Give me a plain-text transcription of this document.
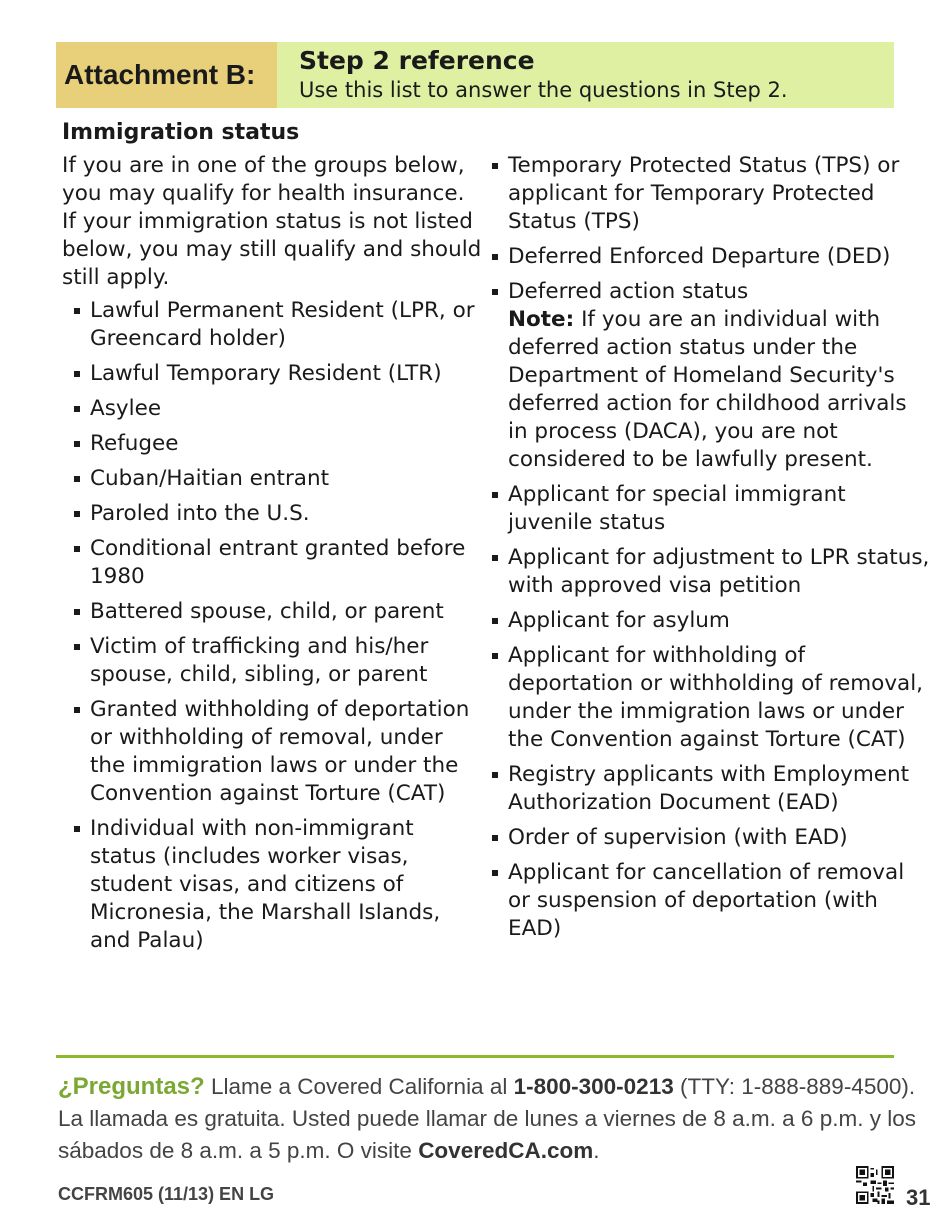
Attachment B: Step 2 reference
Use this list to answer the questions in Step 2.
Immigration status

If you are in one of the groups below, you may qualify for health insurance. If your immigration status is not listed below, you may still qualify and should still apply.

Lawful Permanent Resident (LPR, or Greencard holder)
Lawful Temporary Resident (LTR)
Asylee
Refugee
Cuban/Haitian entrant
Paroled into the U.S.
Conditional entrant granted before 1980
Battered spouse, child, or parent
Victim of trafficking and his/her spouse, child, sibling, or parent
Granted withholding of deportation or withholding of removal, under the immigration laws or under the Convention against Torture (CAT)
Individual with non-immigrant status (includes worker visas, student visas, and citizens of Micronesia, the Marshall Islands, and Palau)
Temporary Protected Status (TPS) or applicant for Temporary Protected Status (TPS)
Deferred Enforced Departure (DED)
Deferred action status
Note: If you are an individual with deferred action status under the Department of Homeland Security's deferred action for childhood arrivals in process (DACA), you are not considered to be lawfully present.
Applicant for special immigrant juvenile status
Applicant for adjustment to LPR status, with approved visa petition
Applicant for asylum
Applicant for withholding of deportation or withholding of removal, under the immigration laws or under the Convention against Torture (CAT)
Registry applicants with Employment Authorization Document (EAD)
Order of supervision (with EAD)
Applicant for cancellation of removal or suspension of deportation (with EAD)

¿Preguntas? Llame a Covered California al 1-800-300-0213 (TTY: 1-888-889-4500). La llamada es gratuita. Usted puede llamar de lunes a viernes de 8 a.m. a 6 p.m. y los sábados de 8 a.m. a 5 p.m. O visite CoveredCA.com.

CCFRM605 (11/13) EN LG	31
